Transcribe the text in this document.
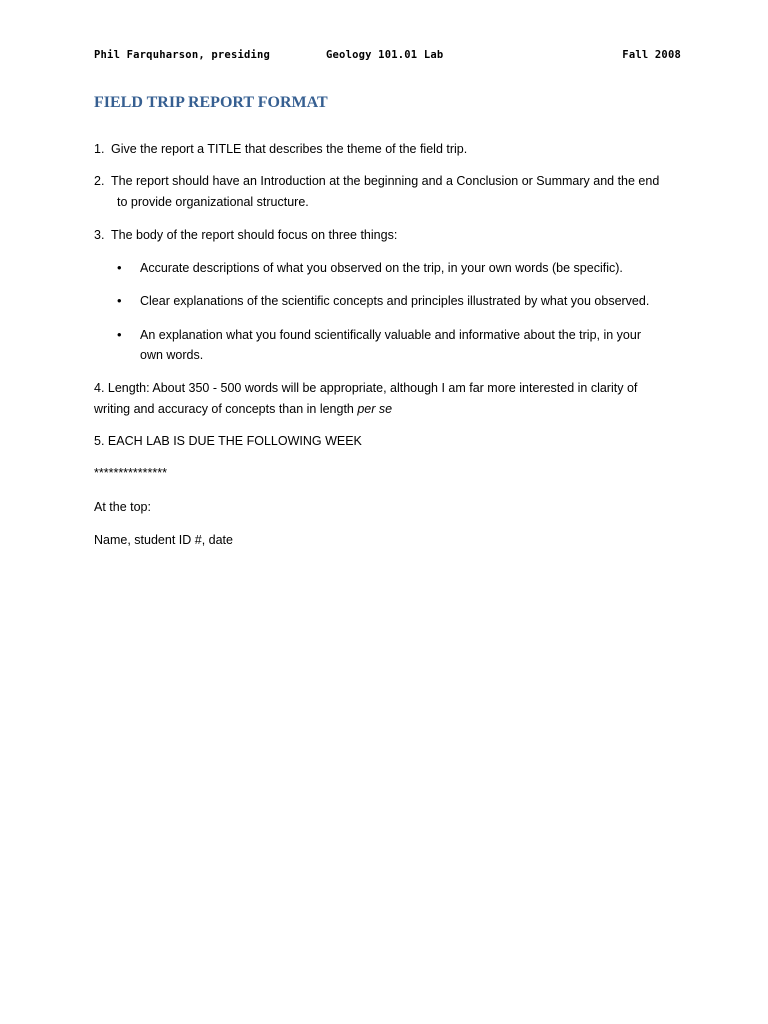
Phil Farquharson, presiding	Geology 101.01 Lab	Fall 2008
FIELD TRIP REPORT FORMAT
1. Give the report a TITLE that describes the theme of the field trip.
2. The report should have an Introduction at the beginning and a Conclusion or Summary and the end
to provide organizational structure.
3. The body of the report should focus on three things:
• Accurate descriptions of what you observed on the trip, in your own words (be specific).
• Clear explanations of the scientific concepts and principles illustrated by what you observed.
• An explanation what you found scientifically valuable and informative about the trip, in your
own words.
4. Length: About 350 - 500 words will be appropriate, although I am far more interested in clarity of
writing and accuracy of concepts than in length per se
5. EACH LAB IS DUE THE FOLLOWING WEEK
***************
At the top:
Name, student ID #, date
